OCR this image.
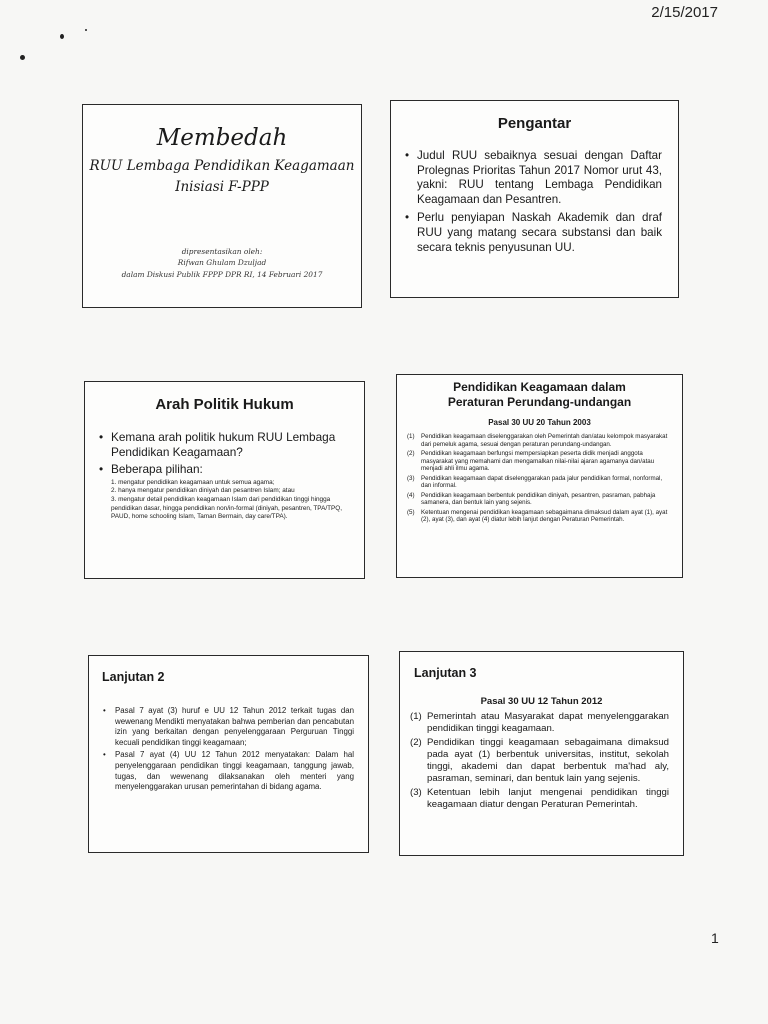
2/15/2017
Membedah
RUU Lembaga Pendidikan Keagamaan
Inisiasi F-PPP
dipresentasikan oleh:
Rifwan Ghulam Dzuljad
dalam Diskusi Publik FPPP DPR RI, 14 Februari 2017
Pengantar
• Judul RUU sebaiknya sesuai dengan Daftar Prolegnas Prioritas Tahun 2017 Nomor urut 43, yakni: RUU tentang Lembaga Pendidikan Keagamaan dan Pesantren.
• Perlu penyiapan Naskah Akademik dan draf RUU yang matang secara substansi dan baik secara teknis penyusunan UU.
Arah Politik Hukum
• Kemana arah politik hukum RUU Lembaga Pendidikan Keagamaan?
• Beberapa pilihan:
1. mengatur pendidikan keagamaan untuk semua agama;
2. hanya mengatur pendidikan diniyah dan pesantren Islam; atau
3. mengatur detail pendidikan keagamaan Islam dari pendidikan tinggi hingga pendidikan dasar, hingga pendidikan non/in-formal (diniyah, pesantren, TPA/TPQ, PAUD, home schooling Islam, Taman Bermain, day care/TPA).
Pendidikan Keagamaan dalam
Peraturan Perundang-undangan
Pasal 30 UU 20 Tahun 2003
(1) Pendidikan keagamaan diselenggarakan oleh Pemerintah dan/atau kelompok masyarakat dari pemeluk agama, sesuai dengan peraturan perundang-undangan.
(2) Pendidikan keagamaan berfungsi mempersiapkan peserta didik menjadi anggota masyarakat yang memahami dan mengamalkan nilai-nilai ajaran agamanya dan/atau menjadi ahli ilmu agama.
(3) Pendidikan keagamaan dapat diselenggarakan pada jalur pendidikan formal, nonformal, dan informal.
(4) Pendidikan keagamaan berbentuk pendidikan diniyah, pesantren, pasraman, pabhaja samanera, dan bentuk lain yang sejenis.
(5) Ketentuan mengenai pendidikan keagamaan sebagaimana dimaksud dalam ayat (1), ayat (2), ayat (3), dan ayat (4) diatur lebih lanjut dengan Peraturan Pemerintah.
Lanjutan 2
• Pasal 7 ayat (3) huruf e UU 12 Tahun 2012 terkait tugas dan wewenang Mendikti menyatakan bahwa pemberian dan pencabutan izin yang berkaitan dengan penyelenggaraan Perguruan Tinggi kecuali pendidikan tinggi keagamaan;
• Pasal 7 ayat (4) UU 12 Tahun 2012 menyatakan: Dalam hal penyelenggaraan pendidikan tinggi keagamaan, tanggung jawab, tugas, dan wewenang dilaksanakan oleh menteri yang menyelenggarakan urusan pemerintahan di bidang agama.
Lanjutan 3
Pasal 30 UU 12 Tahun 2012
(1) Pemerintah atau Masyarakat dapat menyelenggarakan pendidikan tinggi keagamaan.
(2) Pendidikan tinggi keagamaan sebagaimana dimaksud pada ayat (1) berbentuk universitas, institut, sekolah tinggi, akademi dan dapat berbentuk ma'had aly, pasraman, seminari, dan bentuk lain yang sejenis.
(3) Ketentuan lebih lanjut mengenai pendidikan tinggi keagamaan diatur dengan Peraturan Pemerintah.
1
